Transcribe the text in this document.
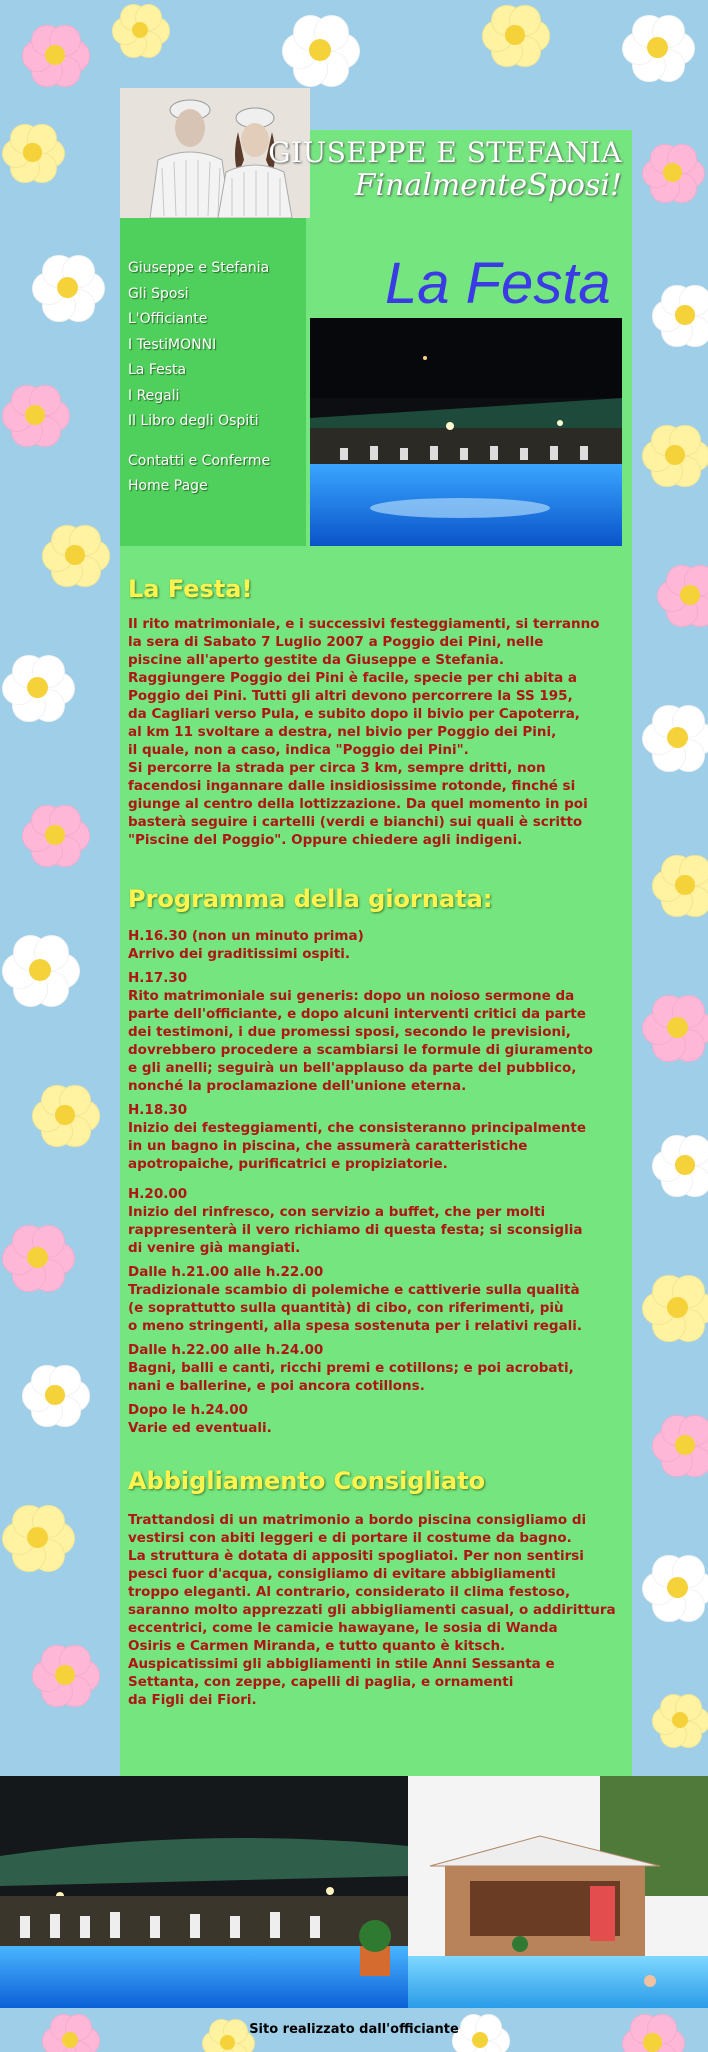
GIUSEPPE E STEFANIA
FinalmenteSposi!
Giuseppe e Stefania
Gli Sposi
L'Officiante
I TestiMONNI
La Festa
I Regali
Il Libro degli Ospiti
Contatti e Conferme
Home Page
La Festa
La Festa!

Il rito matrimoniale, e i successivi festeggiamenti, si terranno
la sera di Sabato 7 Luglio 2007 a Poggio dei Pini, nelle
piscine all'aperto gestite da Giuseppe e Stefania.
Raggiungere Poggio dei Pini è facile, specie per chi abita a
Poggio dei Pini. Tutti gli altri devono percorrere la SS 195,
da Cagliari verso Pula, e subito dopo il bivio per Capoterra,
al km 11 svoltare a destra, nel bivio per Poggio dei Pini,
il quale, non a caso, indica "Poggio dei Pini".
Si percorre la strada per circa 3 km, sempre dritti, non
facendosi ingannare dalle insidiosissime rotonde, finché si
giunge al centro della lottizzazione. Da quel momento in poi
basterà seguire i cartelli (verdi e bianchi) sui quali è scritto
"Piscine del Poggio". Oppure chiedere agli indigeni.

Programma della giornata:

H.16.30 (non un minuto prima)
Arrivo dei graditissimi ospiti.

H.17.30
Rito matrimoniale sui generis: dopo un noioso sermone da
parte dell'officiante, e dopo alcuni interventi critici da parte
dei testimoni, i due promessi sposi, secondo le previsioni,
dovrebbero procedere a scambiarsi le formule di giuramento
e gli anelli; seguirà un bell'applauso da parte del pubblico,
nonché la proclamazione dell'unione eterna.

H.18.30
Inizio dei festeggiamenti, che consisteranno principalmente
in un bagno in piscina, che assumerà caratteristiche
apotropaiche, purificatrici e propiziatorie.

H.20.00
Inizio del rinfresco, con servizio a buffet, che per molti
rappresenterà il vero richiamo di questa festa; si sconsiglia
di venire già mangiati.

Dalle h.21.00 alle h.22.00
Tradizionale scambio di polemiche e cattiverie sulla qualità
(e soprattutto sulla quantità) di cibo, con riferimenti, più
o meno stringenti, alla spesa sostenuta per i relativi regali.

Dalle h.22.00 alle h.24.00
Bagni, balli e canti, ricchi premi e cotillons; e poi acrobati,
nani e ballerine, e poi ancora cotillons.

Dopo le h.24.00
Varie ed eventuali.

Abbigliamento Consigliato

Trattandosi di un matrimonio a bordo piscina consigliamo di
vestirsi con abiti leggeri e di portare il costume da bagno.
La struttura è dotata di appositi spogliatoi. Per non sentirsi
pesci fuor d'acqua, consigliamo di evitare abbigliamenti
troppo eleganti. Al contrario, considerato il clima festoso,
saranno molto apprezzati gli abbigliamenti casual, o addirittura
eccentrici, come le camicie hawayane, le sosia di Wanda
Osiris e Carmen Miranda, e tutto quanto è kitsch.
Auspicatissimi gli abbigliamenti in stile Anni Sessanta e
Settanta, con zeppe, capelli di paglia, e ornamenti
da Figli dei Fiori.

Sito realizzato dall'officiante
